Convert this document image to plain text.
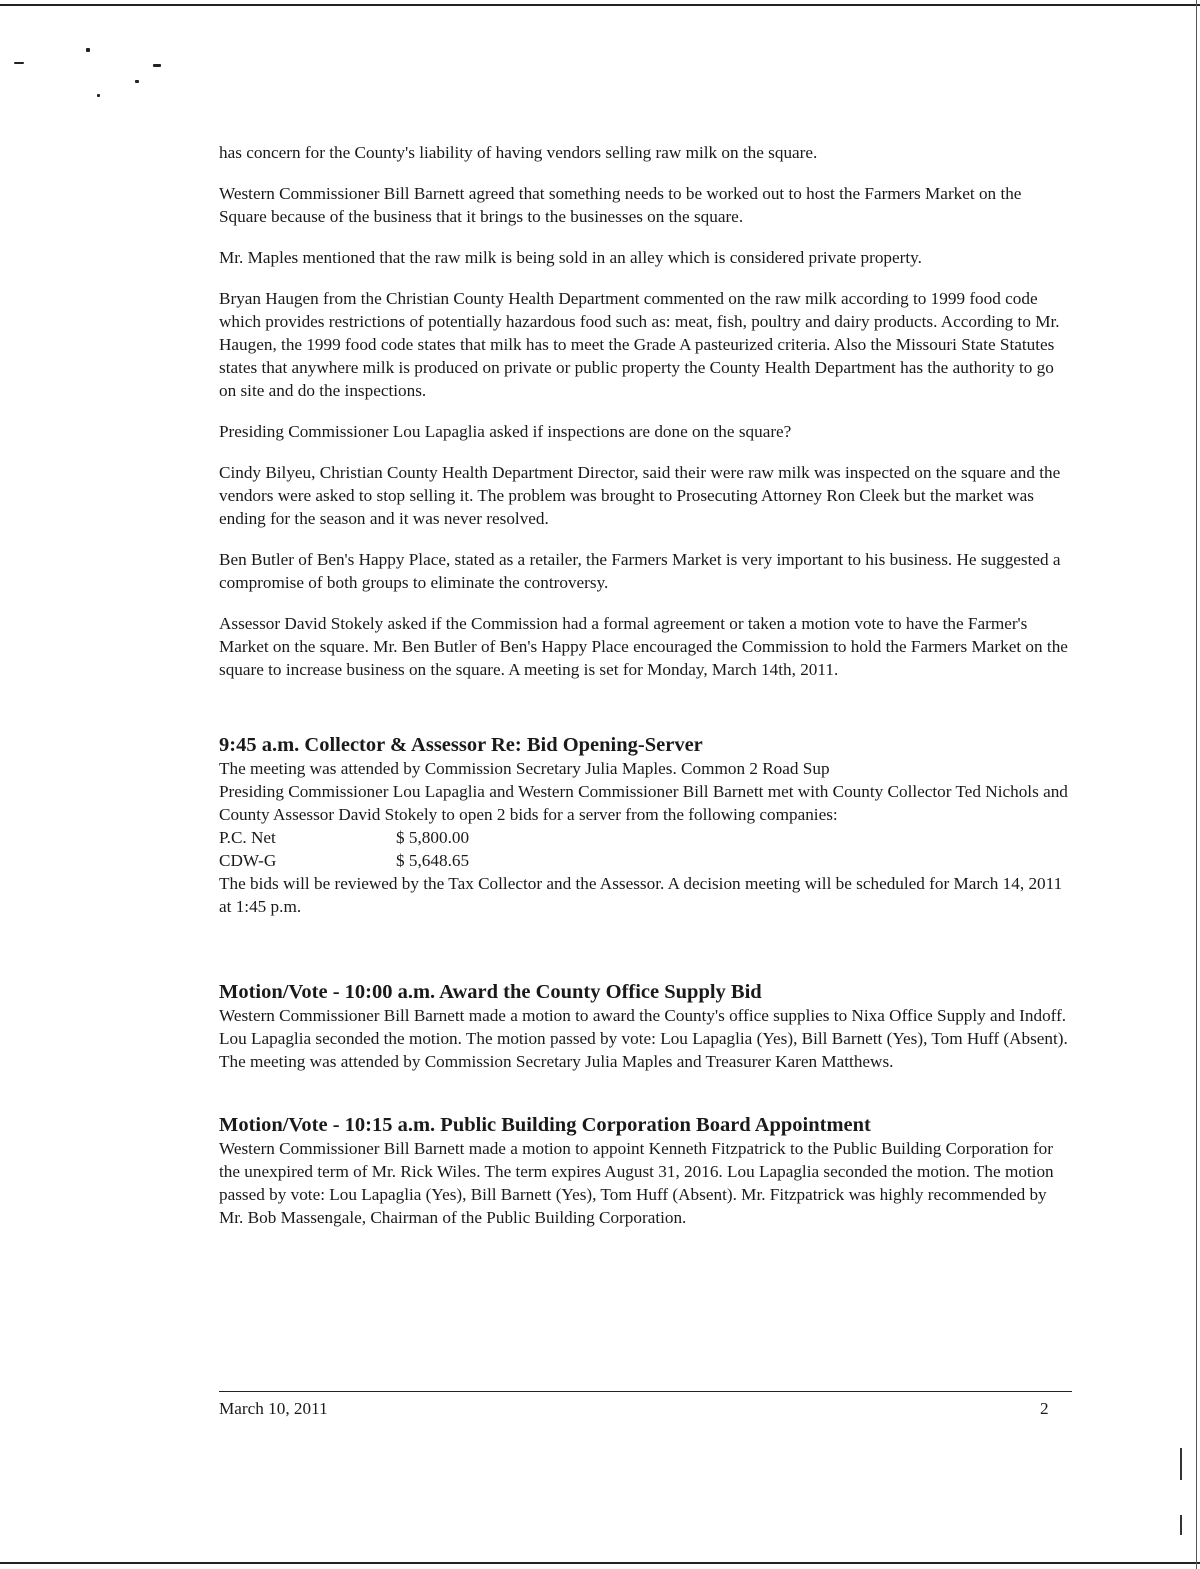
has concern for the County's liability of having vendors selling raw milk on the square.

Western Commissioner Bill Barnett agreed that something needs to be worked out to host the Farmers Market on the Square because of the business that it brings to the businesses on the square.

Mr. Maples mentioned that the raw milk is being sold in an alley which is considered private property.

Bryan Haugen from the Christian County Health Department commented on the raw milk according to 1999 food code which provides restrictions of potentially hazardous food such as: meat, fish, poultry and dairy products. According to Mr. Haugen, the 1999 food code states that milk has to meet the Grade A pasteurized criteria. Also the Missouri State Statutes states that anywhere milk is produced on private or public property the County Health Department has the authority to go on site and do the inspections.

Presiding Commissioner Lou Lapaglia asked if inspections are done on the square?

Cindy Bilyeu, Christian County Health Department Director, said their were raw milk was inspected on the square and the vendors were asked to stop selling it. The problem was brought to Prosecuting Attorney Ron Cleek but the market was ending for the season and it was never resolved.

Ben Butler of Ben's Happy Place, stated as a retailer, the Farmers Market is very important to his business. He suggested a compromise of both groups to eliminate the controversy.

Assessor David Stokely asked if the Commission had a formal agreement or taken a motion vote to have the Farmer's Market on the square. Mr. Ben Butler of Ben's Happy Place encouraged the Commission to hold the Farmers Market on the square to increase business on the square. A meeting is set for Monday, March 14th, 2011.

9:45 a.m. Collector & Assessor Re: Bid Opening-Server

The meeting was attended by Commission Secretary Julia Maples. Common 2 Road Sup

Presiding Commissioner Lou Lapaglia and Western Commissioner Bill Barnett met with County Collector Ted Nichols and County Assessor David Stokely to open 2 bids for a server from the following companies:

P.C. Net	$ 5,800.00
CDW-G	$ 5,648.65

The bids will be reviewed by the Tax Collector and the Assessor. A decision meeting will be scheduled for March 14, 2011 at 1:45 p.m.

Motion/Vote - 10:00 a.m. Award the County Office Supply Bid

Western Commissioner Bill Barnett made a motion to award the County's office supplies to Nixa Office Supply and Indoff. Lou Lapaglia seconded the motion. The motion passed by vote: Lou Lapaglia (Yes), Bill Barnett (Yes), Tom Huff (Absent). The meeting was attended by Commission Secretary Julia Maples and Treasurer Karen Matthews.

Motion/Vote - 10:15 a.m. Public Building Corporation Board Appointment

Western Commissioner Bill Barnett made a motion to appoint Kenneth Fitzpatrick to the Public Building Corporation for the unexpired term of Mr. Rick Wiles. The term expires August 31, 2016. Lou Lapaglia seconded the motion. The motion passed by vote: Lou Lapaglia (Yes), Bill Barnett (Yes), Tom Huff (Absent). Mr. Fitzpatrick was highly recommended by Mr. Bob Massengale, Chairman of the Public Building Corporation.

March 10, 2011	2
